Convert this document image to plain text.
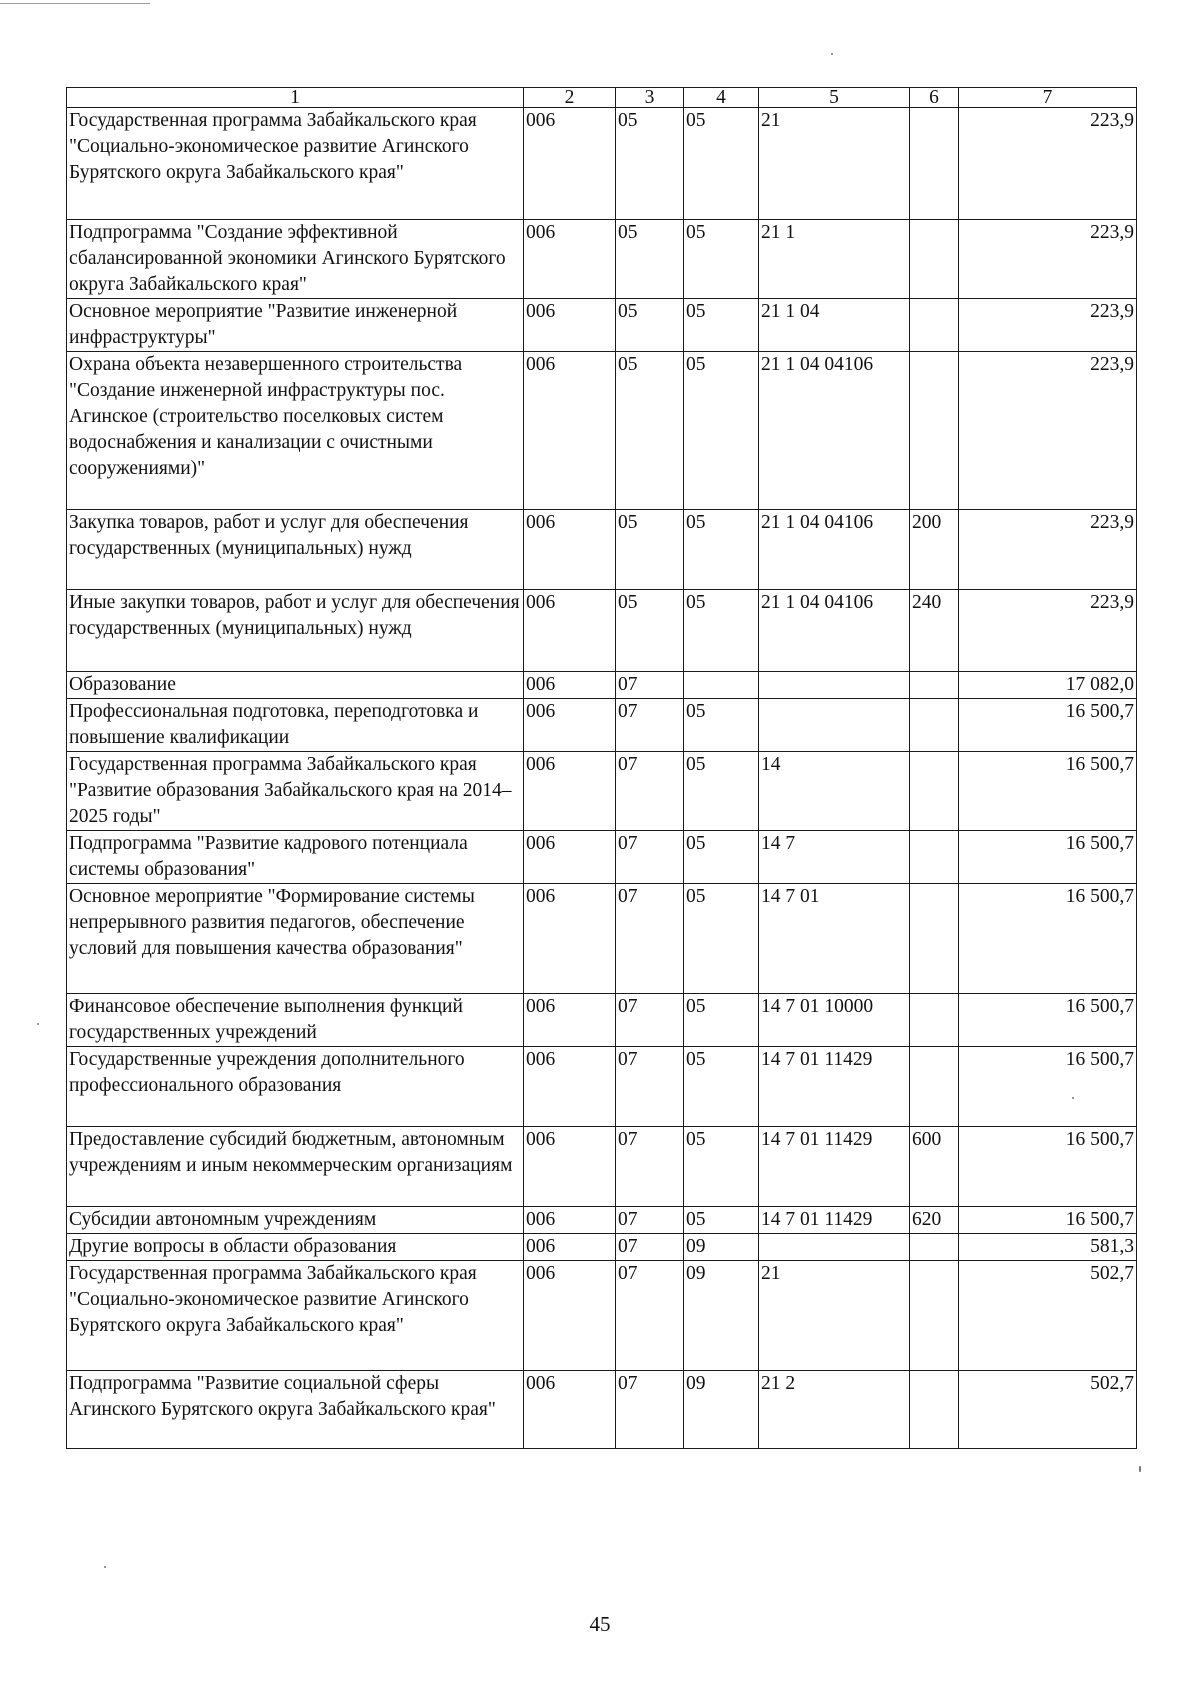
1	2	3	4	5	6	7
Государственная программа Забайкальского края "Социально-экономическое развитие Агинского Бурятского округа Забайкальского края"	006	05	05	21		223,9
Подпрограмма "Создание эффективной сбалансированной экономики Агинского Бурятского округа Забайкальского края"	006	05	05	21 1		223,9
Основное мероприятие "Развитие инженерной инфраструктуры"	006	05	05	21 1 04		223,9
Охрана объекта незавершенного строительства "Создание инженерной инфраструктуры пос. Агинское (строительство поселковых систем водоснабжения и канализации с очистными сооружениями)"	006	05	05	21 1 04 04106		223,9
Закупка товаров, работ и услуг для обеспечения государственных (муниципальных) нужд	006	05	05	21 1 04 04106	200	223,9
Иные закупки товаров, работ и услуг для обеспечения государственных (муниципальных) нужд	006	05	05	21 1 04 04106	240	223,9
Образование	006	07				17 082,0
Профессиональная подготовка, переподготовка и повышение квалификации	006	07	05			16 500,7
Государственная программа Забайкальского края "Развитие образования Забайкальского края на 2014–2025 годы"	006	07	05	14		16 500,7
Подпрограмма "Развитие кадрового потенциала системы образования"	006	07	05	14 7		16 500,7
Основное мероприятие "Формирование системы непрерывного развития педагогов, обеспечение условий для повышения качества образования"	006	07	05	14 7 01		16 500,7
Финансовое обеспечение выполнения функций государственных учреждений	006	07	05	14 7 01 10000		16 500,7
Государственные учреждения дополнительного профессионального образования	006	07	05	14 7 01 11429		16 500,7
Предоставление субсидий бюджетным, автономным учреждениям и иным некоммерческим организациям	006	07	05	14 7 01 11429	600	16 500,7
Субсидии автономным учреждениям	006	07	05	14 7 01 11429	620	16 500,7
Другие вопросы в области образования	006	07	09			581,3
Государственная программа Забайкальского края "Социально-экономическое развитие Агинского Бурятского округа Забайкальского края"	006	07	09	21		502,7
Подпрограмма "Развитие социальной сферы Агинского Бурятского округа Забайкальского края"	006	07	09	21 2		502,7
45
